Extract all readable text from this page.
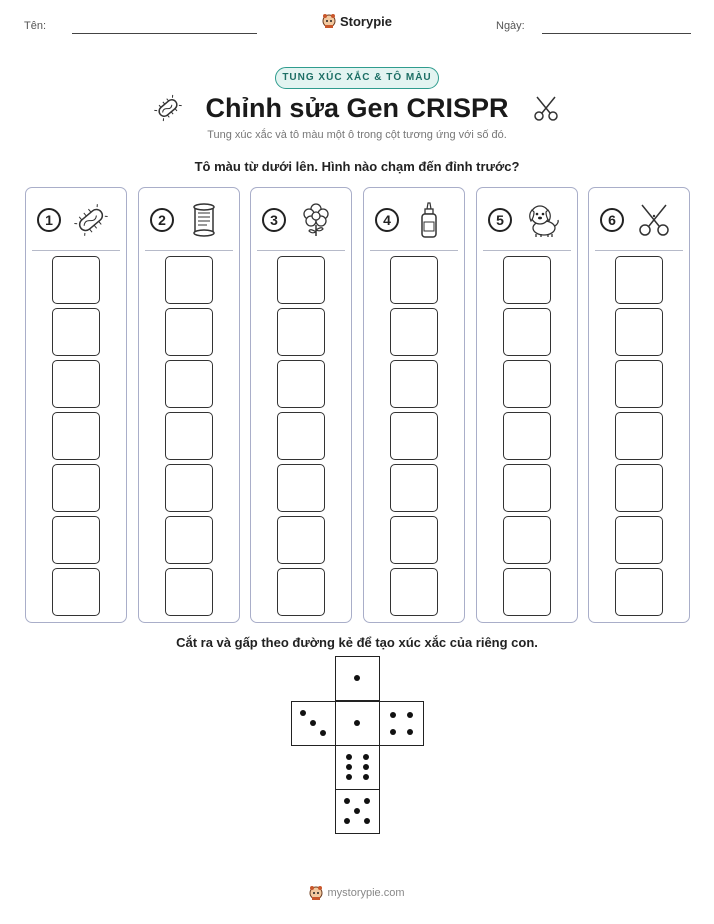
Tên:	Storypie	Ngày:
TUNG XÚC XẮC & TÔ MÀU
Chỉnh sửa Gen CRISPR
Tung xúc xắc và tô màu một ô trong cột tương ứng với số đó.
Tô màu từ dưới lên. Hình nào chạm đến đỉnh trước?
1	2	3	4	5	6
Cắt ra và gấp theo đường kẻ để tạo xúc xắc của riêng con.
mystorypie.com
